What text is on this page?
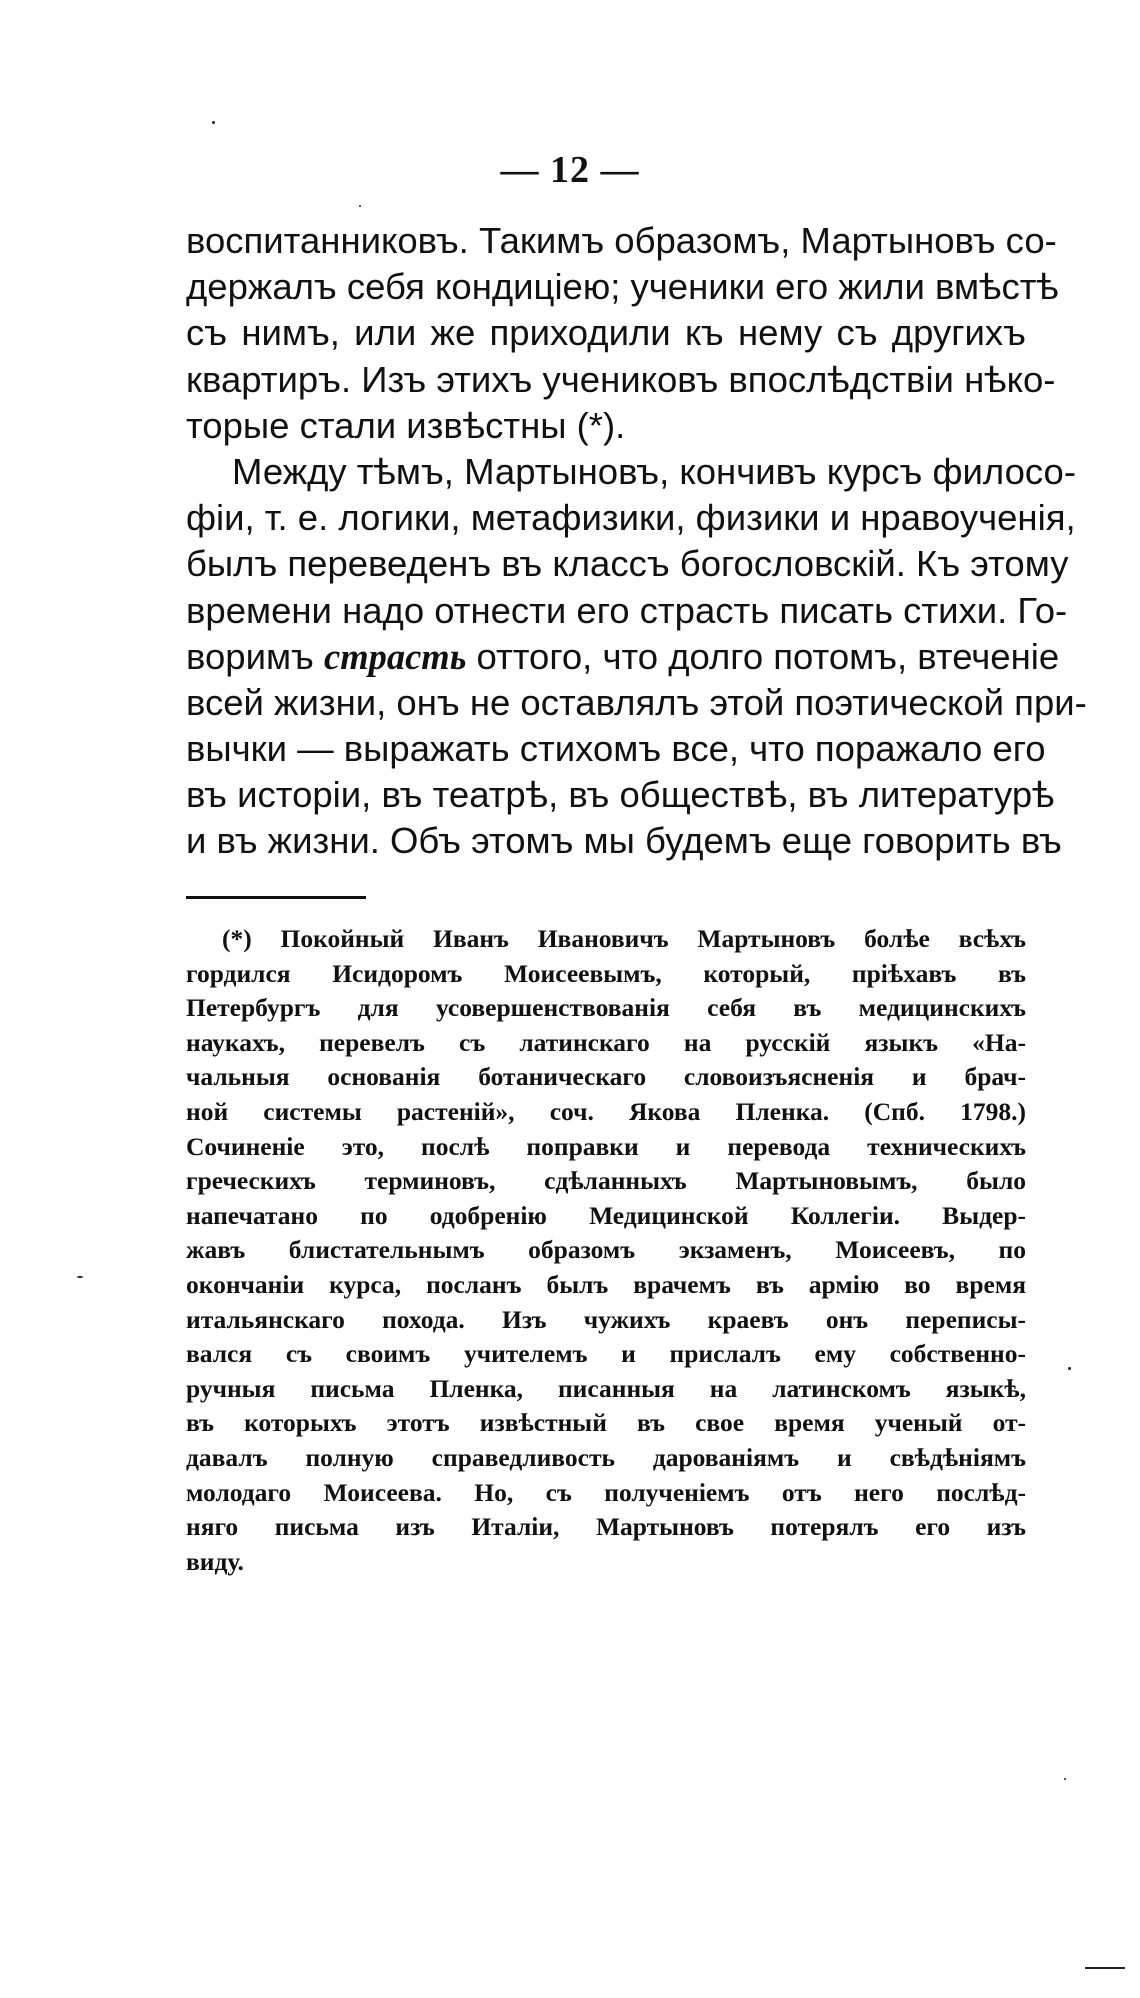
— 12 —
воспитанниковъ. Такимъ образомъ, Мартыновъ со-
держалъ себя кондиціею; ученики его жили вмѣстѣ
съ нимъ, или же приходили къ нему съ другихъ
квартиръ. Изъ этихъ учениковъ впослѣдствіи нѣко-
торые стали извѣстны (*).
Между тѣмъ, Мартыновъ, кончивъ курсъ филосо-
фіи, т. е. логики, метафизики, физики и нравоученія,
былъ переведенъ въ классъ богословскій. Къ этому
времени надо отнести его страсть писать стихи. Го-
воримъ страсть оттого, что долго потомъ, втеченіе
всей жизни, онъ не оставлялъ этой поэтической при-
вычки — выражать стихомъ все, что поражало его
въ исторіи, въ театрѣ, въ обществѣ, въ литературѣ
и въ жизни. Объ этомъ мы будемъ еще говорить въ
(*) Покойный Иванъ Ивановичъ Мартыновъ болѣе всѣхъ
гордился Исидоромъ Моисеевымъ, который, пріѣхавъ въ
Петербургъ для усовершенствованія себя въ медицинскихъ
наукахъ, перевелъ съ латинскаго на русскій языкъ «На-
чальныя основанія ботаническаго словоизъясненія и брач-
ной системы растеній», соч. Якова Пленка. (Спб. 1798.)
Сочиненіе это, послѣ поправки и перевода техническихъ
греческихъ терминовъ, сдѣланныхъ Мартыновымъ, было
напечатано по одобренію Медицинской Коллегіи. Выдер-
жавъ блистательнымъ образомъ экзаменъ, Моисеевъ, по
окончаніи курса, посланъ былъ врачемъ въ армію во время
итальянскаго похода. Изъ чужихъ краевъ онъ переписы-
вался съ своимъ учителемъ и прислалъ ему собственно-
ручныя письма Пленка, писанныя на латинскомъ языкѣ,
въ которыхъ этотъ извѣстный въ свое время ученый от-
давалъ полную справедливость дарованіямъ и свѣдѣніямъ
молодаго Моисеева. Но, съ полученіемъ отъ него послѣд-
няго письма изъ Италіи, Мартыновъ потерялъ его изъ
виду.
